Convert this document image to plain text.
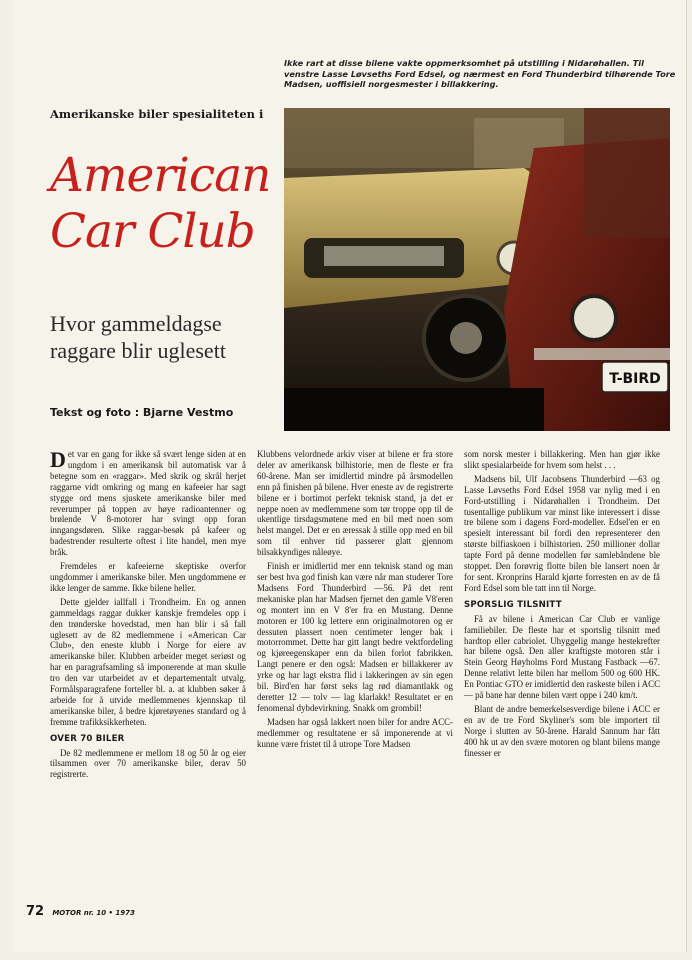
Ikke rart at disse bilene vakte oppmerksomhet på utstilling i Nidarøhallen. Til venstre Lasse Løvseths Ford Edsel, og nærmest en Ford Thunderbird tilhørende Tore Madsen, uoffisiell norgesmester i billakkering.
Amerikanske biler spesialiteten i
American
Car Club
Hvor gammeldagse raggare blir uglesett
Tekst og foto : Bjarne Vestmo
T-BIRD

Det var en gang for ikke så svært lenge siden at en ungdom i en amerikansk bil automatisk var å betegne som en «raggar». Med skrik og skrål herjet raggarne vidt omkring og mang en kafeeier har sagt stygge ord mens sjuskete amerikanske biler med reverumper på toppen av høye radioantenner og brølende V 8-motorer har svingt opp foran inngangsdøren. Slike raggar-besøk på kafeer og badestrender resulterte oftest i lite handel, men mye bråk.

Fremdeles er kafeeierne skeptiske overfor ungdommer i amerikanske biler. Men ungdommene er ikke lenger de samme. Ikke bilene heller.

Dette gjelder iallfall i Trondheim. En og annen gammeldags raggar dukker kanskje fremdeles opp i den trønderske hovedstad, men han blir i så fall uglesett av de 82 medlemmene i «American Car Club», den eneste klubb i Norge for eiere av amerikanske biler. Klubben arbeider meget seriøst og har en paragrafsamling så imponerende at man skulle tro den var utarbeidet av et departementalt utvalg. Formålsparagrafene forteller bl. a. at klubben søker å arbeide for å utvide medlemmenes kjennskap til amerikanske biler, å bedre kjøretøyenes standard og å fremme trafikksikkerheten.

OVER 70 BILER

De 82 medlemmene er mellom 18 og 50 år og eier tilsammen over 70 amerikanske biler, derav 50 registrerte.

Klubbens velordnede arkiv viser at bilene er fra store deler av amerikansk bilhistorie, men de fleste er fra 60-årene. Man ser imidlertid mindre på årsmodellen enn på finishen på bilene. Hver eneste av de registrerte bilene er i bortimot perfekt teknisk stand, ja det er neppe noen av medlemmene som tør troppe opp til de ukentlige tirsdagsmøtene med en bil med noen som helst mangel. Det er en æressak å stille opp med en bil som til enhver tid passerer glatt gjennom bilsakkyndiges nåleøye.

Finish er imidlertid mer enn teknisk stand og man ser best hva god finish kan være når man studerer Tore Madsens Ford Thunderbird —56. På det rent mekaniske plan har Madsen fjernet den gamle V8'eren og montert inn en V 8'er fra en Mustang. Denne motoren er 100 kg lettere enn originalmotoren og er dessuten plassert noen centimeter lenger bak i motorrommet. Dette har gitt langt bedre vektfordeling og kjøreegenskaper enn da bilen forlot fabrikken. Langt penere er den også: Madsen er billakkerer av yrke og har lagt ekstra flid i lakkeringen av sin egen bil. Bird'en har først seks lag rød diamantlakk og deretter 12 — tolv — lag klarlakk! Resultatet er en fenomenal dybdevirkning. Snakk om grombil!

Madsen har også lakkert noen biler for andre ACC-medlemmer og resultatene er så imponerende at vi kunne være fristet til å utrope Tore Madsen

som norsk mester i billakkering. Men han gjør ikke slikt spesialarbeide for hvem som helst . . .

Madsens bil, Ulf Jacobsens Thunderbird —63 og Lasse Løvseths Ford Edsel 1958 var nylig med i en Ford-utstilling i Nidarøhallen i Trondheim. Det tusentallige publikum var minst like interessert i disse tre bilene som i dagens Ford-modeller. Edsel'en er en spesielt interessant bil fordi den representerer den største bilfiaskoen i bilhistorien. 250 millioner dollar tapte Ford på denne modellen før samlebåndene ble stoppet. Den forøvrig flotte bilen ble lansert noen år for sent. Kronprins Harald kjørte forresten en av de få Ford Edsel som ble tatt inn til Norge.

SPORSLIG TILSNITT

Få av bilene i American Car Club er vanlige familiebiler. De fleste har et sportslig tilsnitt med hardtop eller cabriolet. Uhyggelig mange hestekrefter har bilene også. Den aller kraftigste motoren står i Stein Georg Høyholms Ford Mustang Fastback —67. Denne relativt lette bilen har mellom 500 og 600 HK. En Pontiac GTO er imidlertid den raskeste bilen i ACC — på bane har denne bilen vært oppe i 240 km/t.

Blant de andre bemerkelsesverdige bilene i ACC er en av de tre Ford Skyliner's som ble importert til Norge i slutten av 50-årene. Harald Sannum har fått 400 hk ut av den svære motoren og blant bilens mange finesser er

72 MOTOR nr. 10 • 1973
